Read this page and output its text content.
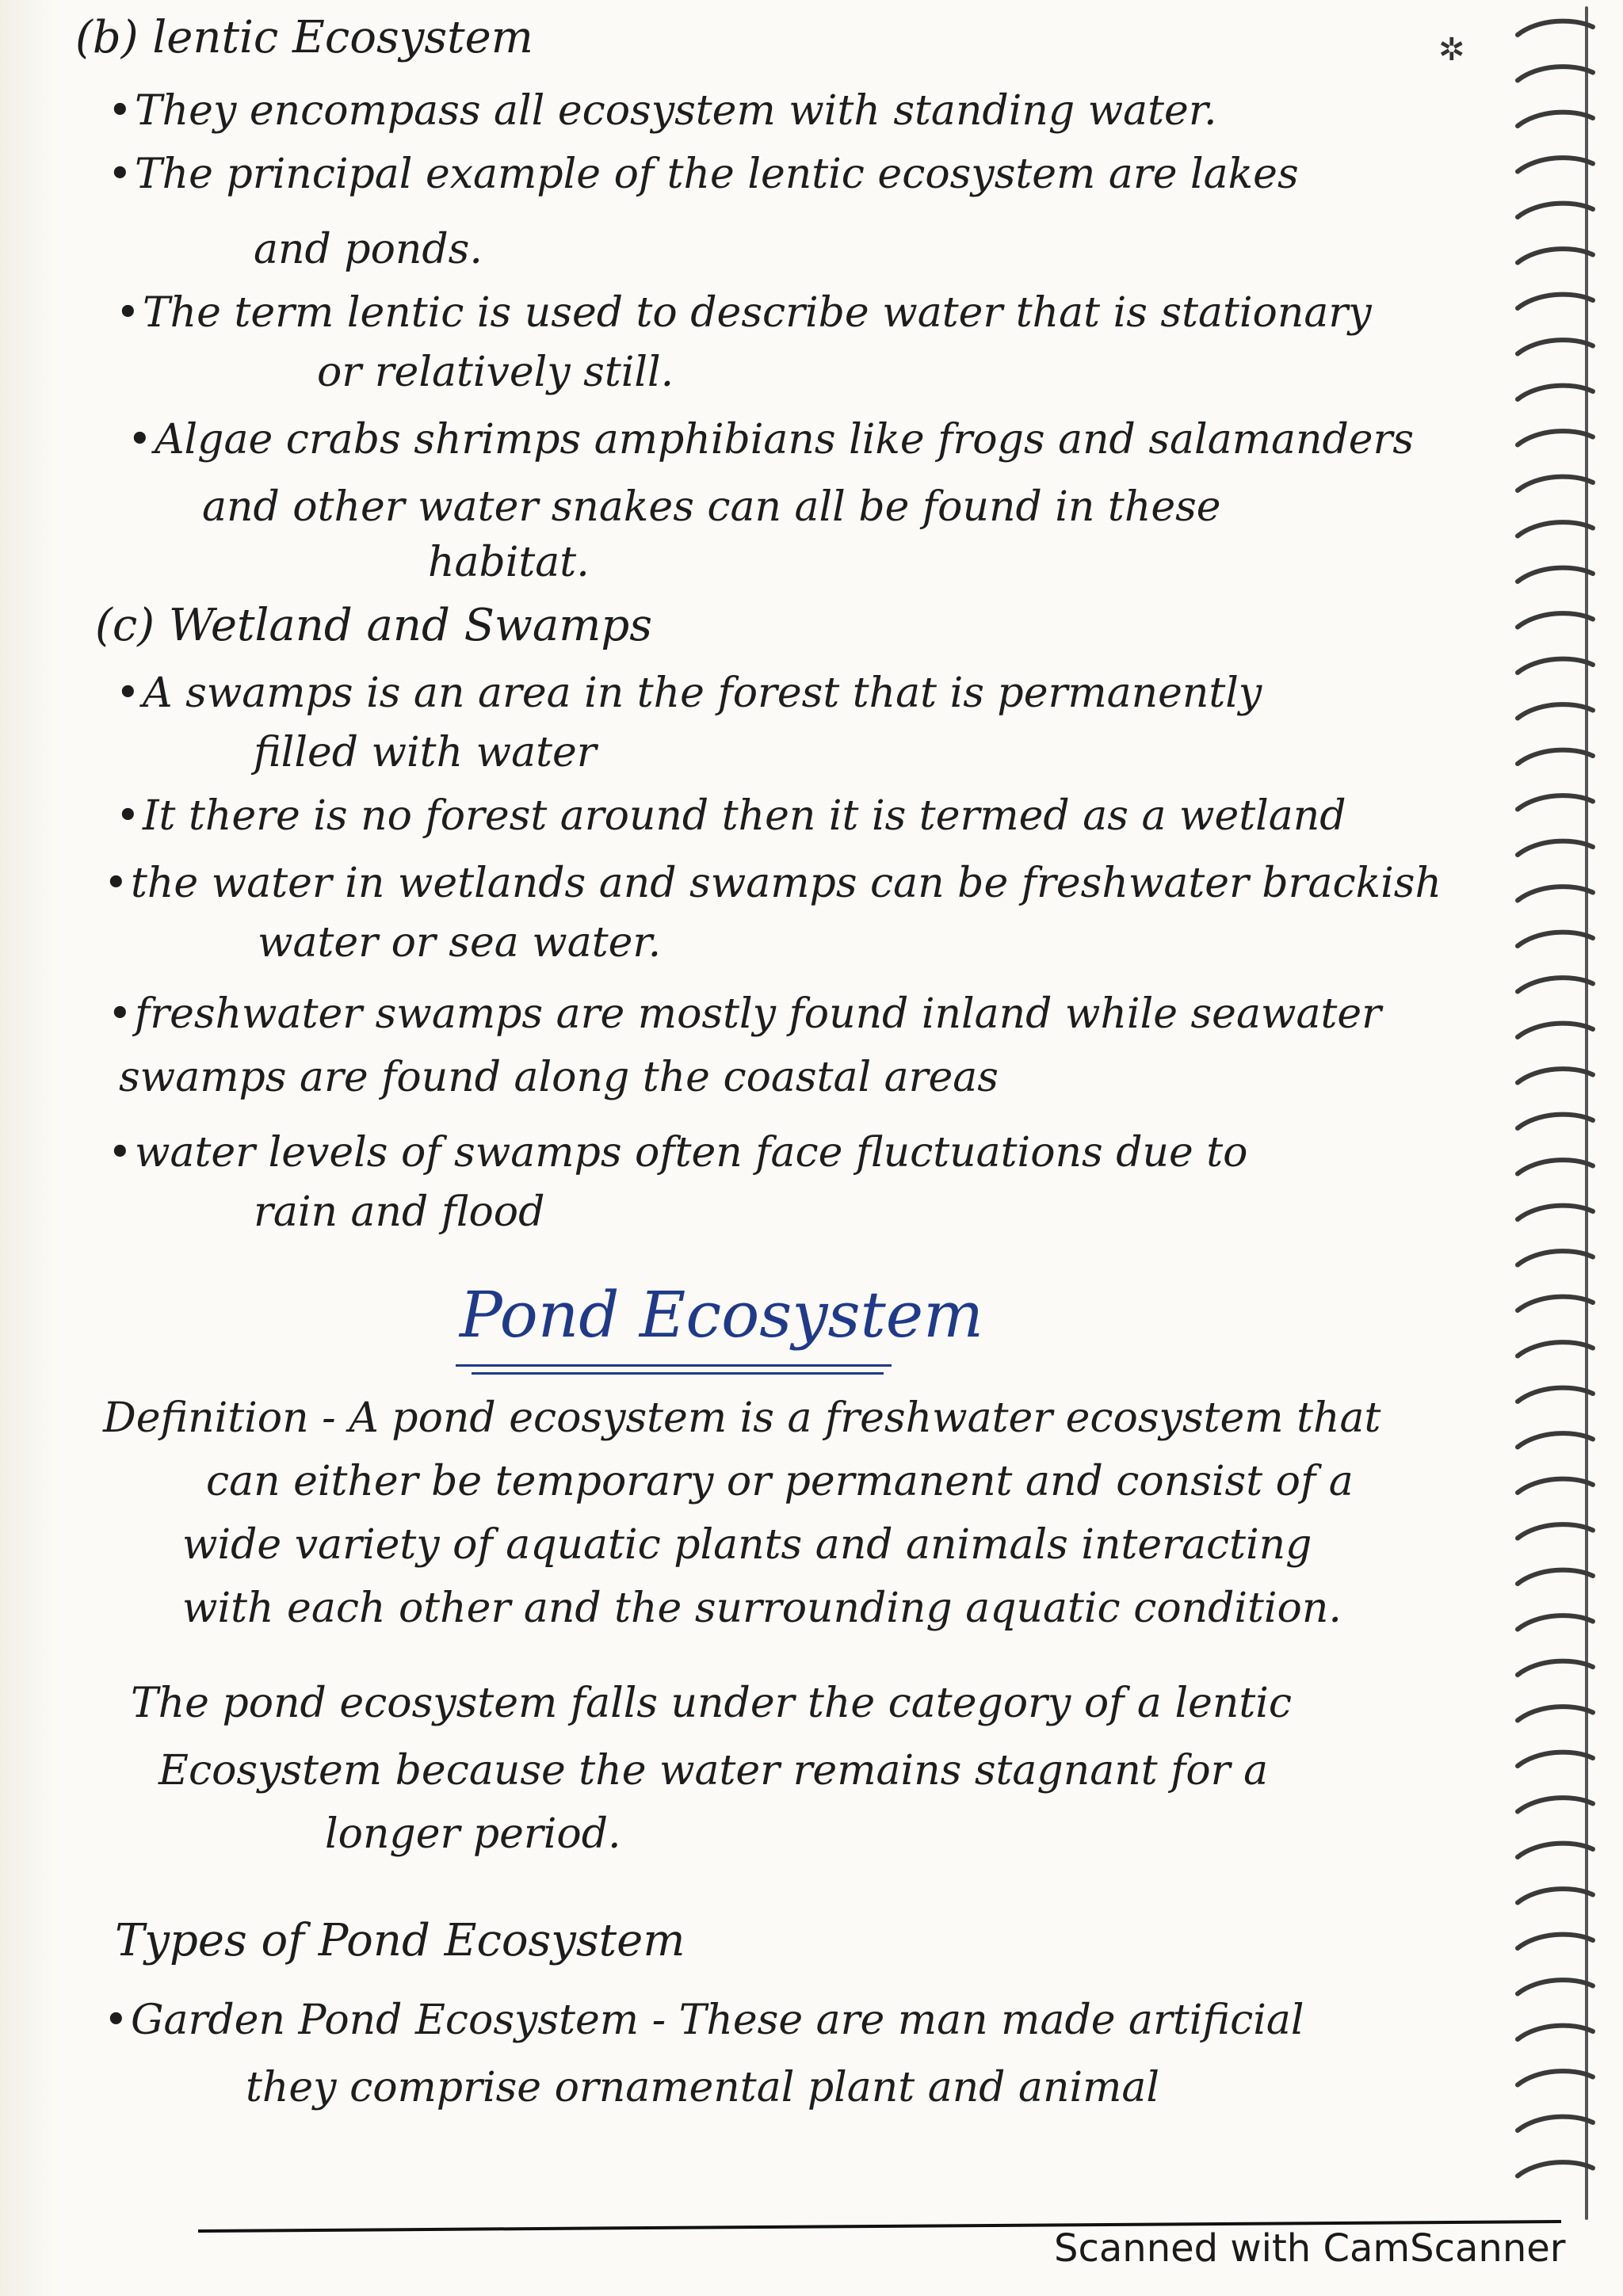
✲
(b) lentic Ecosystem
• They encompass all ecosystem with standing water.
• The principal example of the lentic ecosystem are lakes
and ponds.
• The term lentic is used to describe water that is stationary
or relatively still.
• Algae crabs shrimps amphibians like frogs and salamanders
and other water snakes can all be found in these
habitat.
(c) Wetland and Swamps
• A swamps is an area in the forest that is permanently
filled with water
• It there is no forest around then it is termed as a wetland
• the water in wetlands and swamps can be freshwater brackish
water or sea water.
• freshwater swamps are mostly found inland while seawater
swamps are found along the coastal areas
• water levels of swamps often face fluctuations due to
rain and flood
Pond Ecosystem
Definition - A pond ecosystem is a freshwater ecosystem that
can either be temporary or permanent and consist of a
wide variety of aquatic plants and animals interacting
with each other and the surrounding aquatic condition.
The pond ecosystem falls under the category of a lentic
Ecosystem because the water remains stagnant for a
longer period.
Types of Pond Ecosystem
• Garden Pond Ecosystem - These are man made artificial
they comprise ornamental plant and animal
Scanned with CamScanner
